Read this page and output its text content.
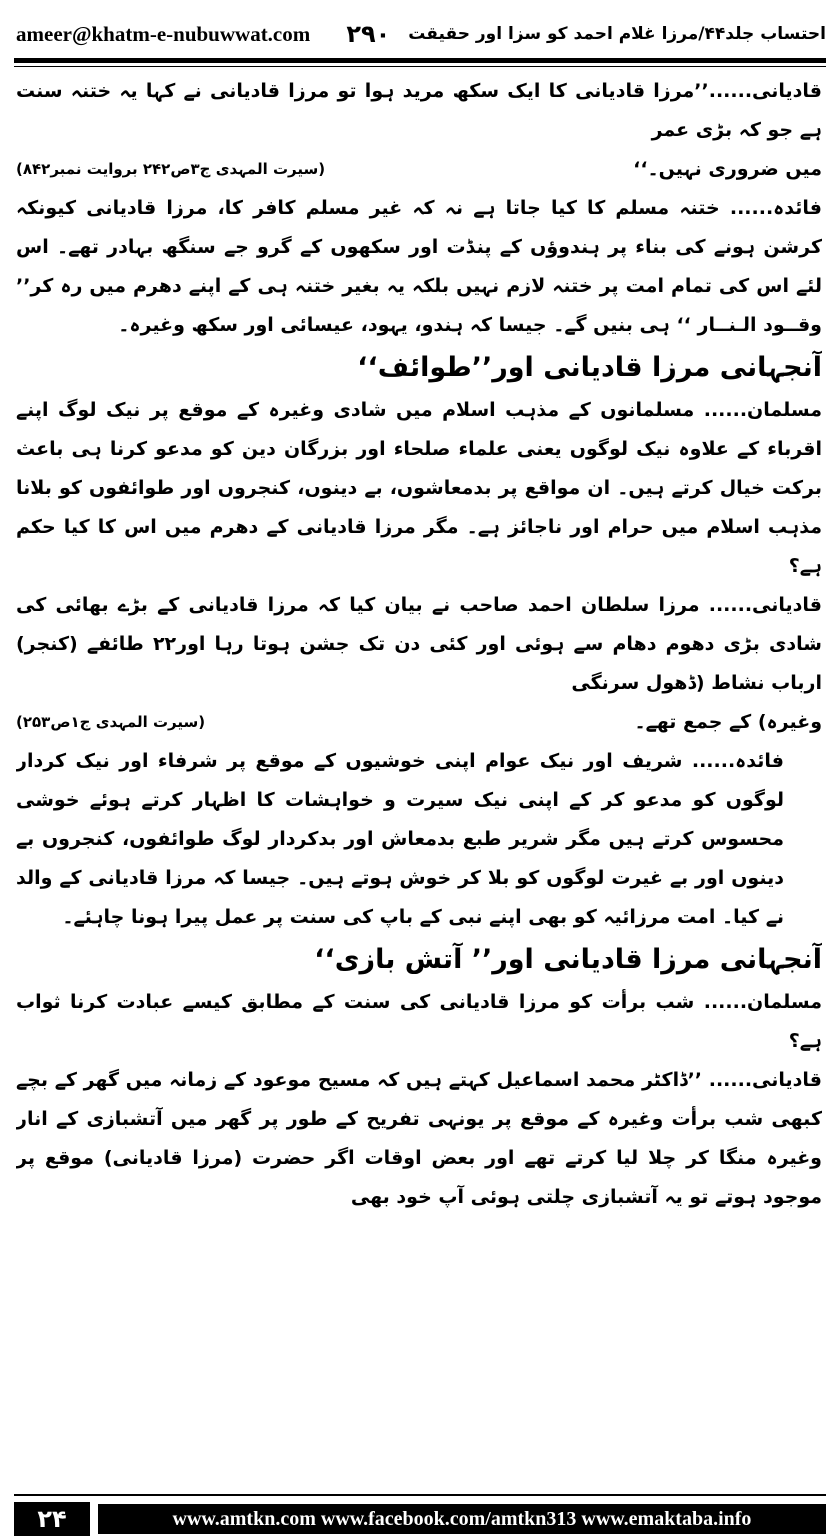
ameer@khatm-e-nubuwwat.com	احتساب جلد۴۴/مرزا غلام احمد کو سزا اور حقیقت
۲۹۰

قادیانی......’’مرزا قادیانی کا ایک سکھ مرید ہوا تو مرزا قادیانی نے کہا یہ ختنہ سنت ہے جو کہ بڑی عمر

میں ضروری نہیں۔‘‘
(سیرت المہدی ج۳ص۲۴۲ بروایت نمبر۸۴۲)

فائدہ...... ختنہ مسلم کا کیا جاتا ہے نہ کہ غیر مسلم کافر کا، مرزا قادیانی کیونکہ کرشن ہونے کی بناء پر ہندوؤں کے پنڈت اور سکھوں کے گرو جے سنگھ بہادر تھے۔ اس لئے اس کی تمام امت پر ختنہ لازم نہیں بلکہ یہ بغیر ختنہ ہی کے اپنے دھرم میں رہ کر’’ وقــود الـنــار ‘‘ ہی بنیں گے۔ جیسا کہ ہندو، یہود، عیسائی اور سکھ وغیرہ۔

آنجہانی مرزا قادیانی اور’’طوائف‘‘

مسلمان...... مسلمانوں کے مذہب اسلام میں شادی وغیرہ کے موقع پر نیک لوگ اپنے اقرباء کے علاوہ نیک لوگوں یعنی علماء صلحاء اور بزرگان دین کو مدعو کرنا ہی باعث برکت خیال کرتے ہیں۔ ان مواقع پر بدمعاشوں، بے دینوں، کنجروں اور طوائفوں کو بلانا مذہب اسلام میں حرام اور ناجائز ہے۔ مگر مرزا قادیانی کے دھرم میں اس کا کیا حکم ہے؟

قادیانی...... مرزا سلطان احمد صاحب نے بیان کیا کہ مرزا قادیانی کے بڑے بھائی کی شادی بڑی دھوم دھام سے ہوئی اور کئی دن تک جشن ہوتا رہا اور۲۲ طائفے (کنجر) ارباب نشاط (ڈھول سرنگی

وغیرہ) کے جمع تھے۔
(سیرت المہدی ج۱ص۲۵۳)

فائدہ...... شریف اور نیک عوام اپنی خوشیوں کے موقع پر شرفاء اور نیک کردار لوگوں کو مدعو کر کے اپنی نیک سیرت و خواہشات کا اظہار کرتے ہوئے خوشی محسوس کرتے ہیں مگر شریر طبع بدمعاش اور بدکردار لوگ طوائفوں، کنجروں بے دینوں اور بے غیرت لوگوں کو بلا کر خوش ہوتے ہیں۔ جیسا کہ مرزا قادیانی کے والد نے کیا۔ امت مرزائیہ کو بھی اپنے نبی کے باپ کی سنت پر عمل پیرا ہونا چاہئے۔

آنجہانی مرزا قادیانی اور’’ آتش بازی‘‘

مسلمان...... شب برأت کو مرزا قادیانی کی سنت کے مطابق کیسے عبادت کرنا ثواب ہے؟

قادیانی...... ’’ڈاکٹر محمد اسماعیل کہتے ہیں کہ مسیح موعود کے زمانہ میں گھر کے بچے کبھی شب برأت وغیرہ کے موقع پر یونہی تفریح کے طور پر گھر میں آتشبازی کے انار وغیرہ منگا کر چلا لیا کرتے تھے اور بعض اوقات اگر حضرت (مرزا قادیانی) موقع پر موجود ہوتے تو یہ آتشبازی چلتی ہوئی آپ خود بھی

۲۴	www.amtkn.com www.facebook.com/amtkn313 www.emaktaba.info
